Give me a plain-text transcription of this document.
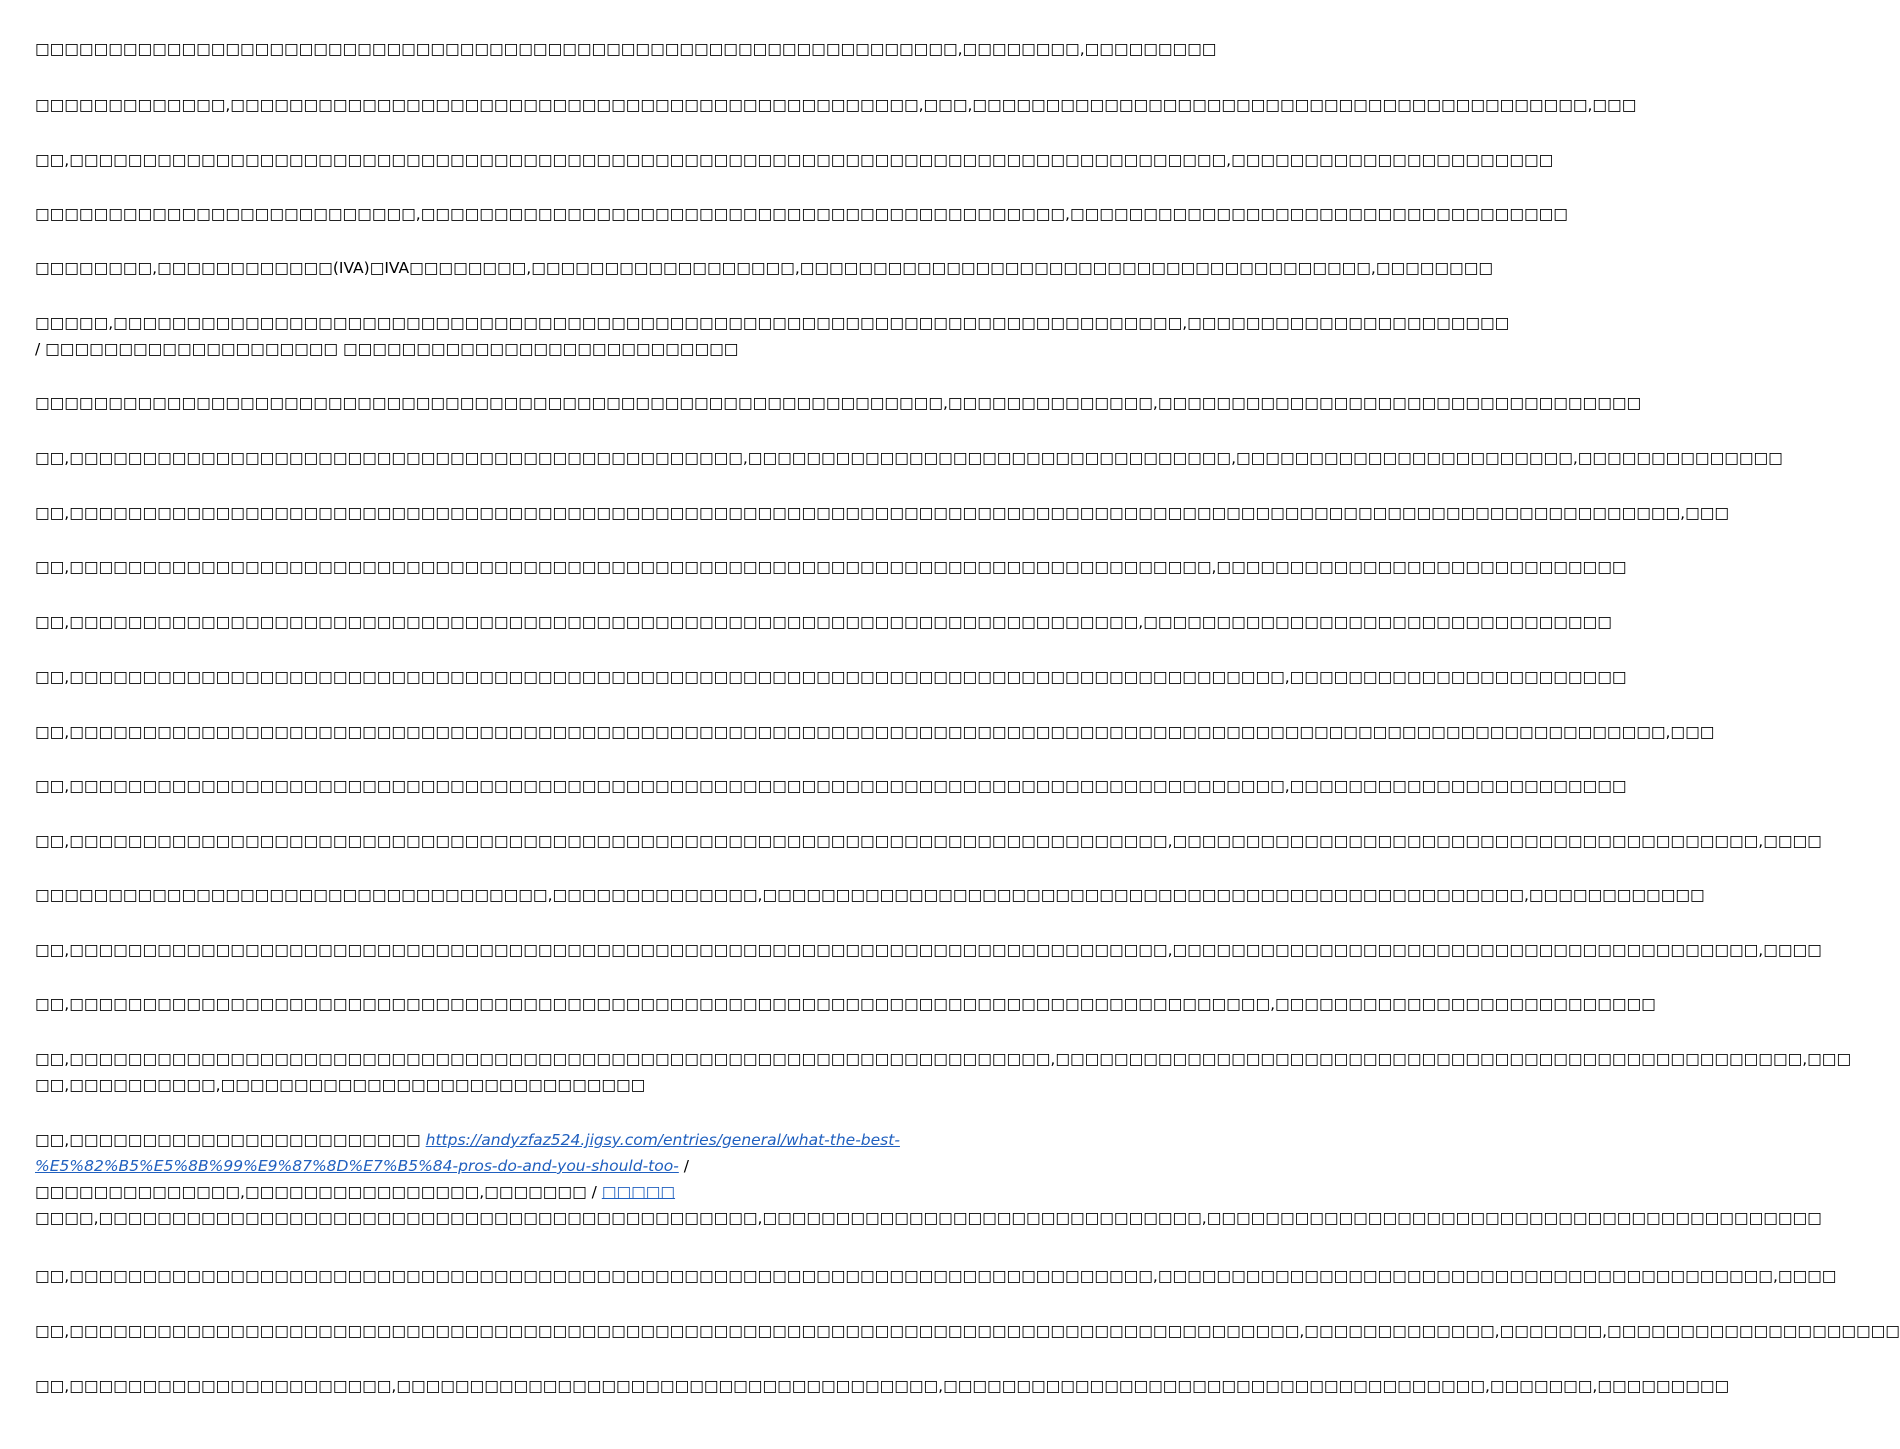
□□□□□□□□□□□□□□□□□□□□□□□□□□□□□□□□□□□□□□□□□□□□□□□□□□□□□□□□□□□□□□□,□□□□□□□□,□□□□□□□□□
□□□□□□□□□□□□□,□□□□□□□□□□□□□□□□□□□□□□□□□□□□□□□□□□□□□□□□□□□□□□□,□□□,□□□□□□□□□□□□□□□□□□□□□□□□□□□□□□□□□□□□□□□□□□,□□□
□□,□□□□□□□□□□□□□□□□□□□□□□□□□□□□□□□□□□□□□□□□□□□□□□□□□□□□□□□□□□□□□□□□□□□□□□□□□□□□□□□,□□□□□□□□□□□□□□□□□□□□□□
□□□□□□□□□□□□□□□□□□□□□□□□□□,□□□□□□□□□□□□□□□□□□□□□□□□□□□□□□□□□□□□□□□□□□□□,□□□□□□□□□□□□□□□□□□□□□□□□□□□□□□□□□□
□□□□□□□□,□□□□□□□□□□□□(IVA)□IVA□□□□□□□□,□□□□□□□□□□□□□□□□□□,□□□□□□□□□□□□□□□□□□□□□□□□□□□□□□□□□□□□□□□,□□□□□□□□
□□□□□,□□□□□□□□□□□□□□□□□□□□□□□□□□□□□□□□□□□□□□□□□□□□□□□□□□□□□□□□□□□□□□□□□□□□□□□□□,□□□□□□□□□□□□□□□□□□□□□□
/ □□□□□□□□□□□□□□□□□□□□ □□□□□□□□□□□□□□□□□□□□□□□□□□□
□□□□□□□□□□□□□□□□□□□□□□□□□□□□□□□□□□□□□□□□□□□□□□□□□□□□□□□□□□□□□□,□□□□□□□□□□□□□□,□□□□□□□□□□□□□□□□□□□□□□□□□□□□□□□□□
□□,□□□□□□□□□□□□□□□□□□□□□□□□□□□□□□□□□□□□□□□□□□□□□□,□□□□□□□□□□□□□□□□□□□□□□□□□□□□□□□□□,□□□□□□□□□□□□□□□□□□□□□□□,□□□□□□□□□□□□□□
□□,□□□□□□□□□□□□□□□□□□□□□□□□□□□□□□□□□□□□□□□□□□□□□□□□□□□□□□□□□□□□□□□□□□□□□□□□□□□□□□□□□□□□□□□□□□□□□□□□□□□□□□□□□□□□□□,□□□
□□,□□□□□□□□□□□□□□□□□□□□□□□□□□□□□□□□□□□□□□□□□□□□□□□□□□□□□□□□□□□□□□□□□□□□□□□□□□□□□□,□□□□□□□□□□□□□□□□□□□□□□□□□□□□
□□,□□□□□□□□□□□□□□□□□□□□□□□□□□□□□□□□□□□□□□□□□□□□□□□□□□□□□□□□□□□□□□□□□□□□□□□□□,□□□□□□□□□□□□□□□□□□□□□□□□□□□□□□□□
□□,□□□□□□□□□□□□□□□□□□□□□□□□□□□□□□□□□□□□□□□□□□□□□□□□□□□□□□□□□□□□□□□□□□□□□□□□□□□□□□□□□□□,□□□□□□□□□□□□□□□□□□□□□□□
□□,□□□□□□□□□□□□□□□□□□□□□□□□□□□□□□□□□□□□□□□□□□□□□□□□□□□□□□□□□□□□□□□□□□□□□□□□□□□□□□□□□□□□□□□□□□□□□□□□□□□□□□□□□□□□□,□□□
□□,□□□□□□□□□□□□□□□□□□□□□□□□□□□□□□□□□□□□□□□□□□□□□□□□□□□□□□□□□□□□□□□□□□□□□□□□□□□□□□□□□□□,□□□□□□□□□□□□□□□□□□□□□□□
□□,□□□□□□□□□□□□□□□□□□□□□□□□□□□□□□□□□□□□□□□□□□□□□□□□□□□□□□□□□□□□□□□□□□□□□□□□□□□,□□□□□□□□□□□□□□□□□□□□□□□□□□□□□□□□□□□□□□□□,□□□□
□□□□□□□□□□□□□□□□□□□□□□□□□□□□□□□□□□□,□□□□□□□□□□□□□□,□□□□□□□□□□□□□□□□□□□□□□□□□□□□□□□□□□□□□□□□□□□□□□□□□□□□,□□□□□□□□□□□□
□□,□□□□□□□□□□□□□□□□□□□□□□□□□□□□□□□□□□□□□□□□□□□□□□□□□□□□□□□□□□□□□□□□□□□□□□□□□□□,□□□□□□□□□□□□□□□□□□□□□□□□□□□□□□□□□□□□□□□□,□□□□
□□,□□□□□□□□□□□□□□□□□□□□□□□□□□□□□□□□□□□□□□□□□□□□□□□□□□□□□□□□□□□□□□□□□□□□□□□□□□□□□□□□□□,□□□□□□□□□□□□□□□□□□□□□□□□□□
□□,□□□□□□□□□□□□□□□□□□□□□□□□□□□□□□□□□□□□□□□□□□□□□□□□□□□□□□□□□□□□□□□□□□□,□□□□□□□□□□□□□□□□□□□□□□□□□□□□□□□□□□□□□□□□□□□□□□□□□□□,□□□
□□,□□□□□□□□□□,□□□□□□□□□□□□□□□□□□□□□□□□□□□□□
□□,□□□□□□□□□□□□□□□□□□□□□□□□ https://andyzfaz524.jigsy.com/entries/general/what-the-best-
%E5%82%B5%E5%8B%99%E9%87%8D%E7%B5%84-pros-do-and-you-should-too- /
□□□□□□□□□□□□□□,□□□□□□□□□□□□□□□□,□□□□□□□ / □□□□□
□□□□,□□□□□□□□□□□□□□□□□□□□□□□□□□□□□□□□□□□□□□□□□□□□□,□□□□□□□□□□□□□□□□□□□□□□□□□□□□□□,□□□□□□□□□□□□□□□□□□□□□□□□□□□□□□□□□□□□□□□□□□
□□,□□□□□□□□□□□□□□□□□□□□□□□□□□□□□□□□□□□□□□□□□□□□□□□□□□□□□□□□□□□□□□□□□□□□□□□□□□,□□□□□□□□□□□□□□□□□□□□□□□□□□□□□□□□□□□□□□□□□□,□□□□
□□,□□□□□□□□□□□□□□□□□□□□□□□□□□□□□□□□□□□□□□□□□□□□□□□□□□□□□□□□□□□□□□□□□□□□□□□□□□□□□□□□□□□□,□□□□□□□□□□□□□,□□□□□□□,□□□□□□□□□□□□□□□□□□□□
□□,□□□□□□□□□□□□□□□□□□□□□□,□□□□□□□□□□□□□□□□□□□□□□□□□□□□□□□□□□□□□,□□□□□□□□□□□□□□□□□□□□□□□□□□□□□□□□□□□□□,□□□□□□□,□□□□□□□□□
